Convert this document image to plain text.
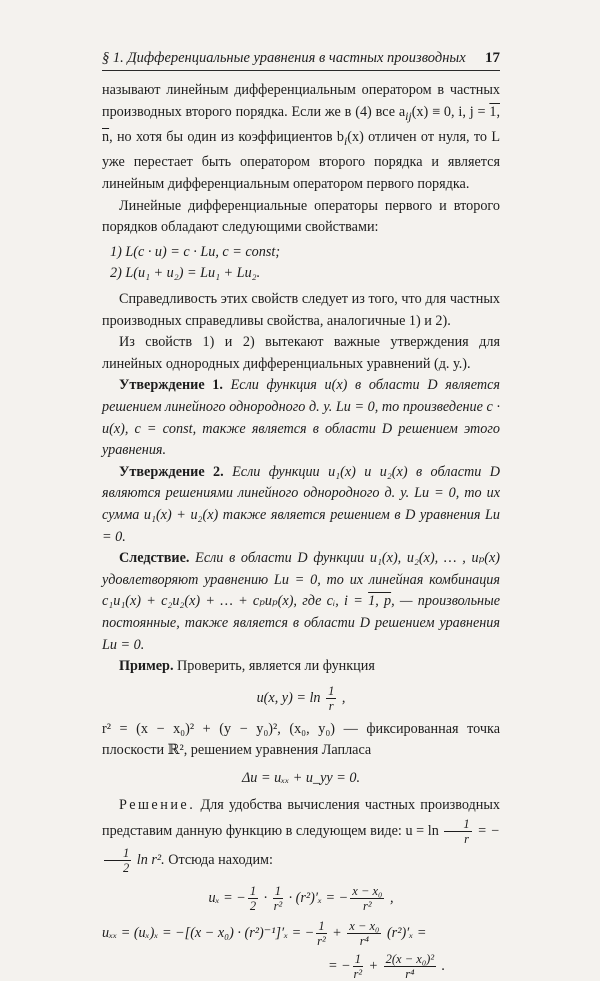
§ 1. Дифференциальные уравнения в частных производных 17

называют линейным дифференциальным оператором в частных производных второго порядка. Если же в (4) все $a_{ij}(x) \equiv 0$, i, j = 1, n, но хотя бы один из коэффициентов $b_i(x)$ отличен от нуля, то L уже перестает быть оператором второго порядка и является линейным дифференциальным оператором первого порядка.

Линейные дифференциальные операторы первого и второго порядков обладают следующими свойствами:

1) L(c · u) = c · Lu, c = const;
2) L(u₁ + u₂) = Lu₁ + Lu₂.

Справедливость этих свойств следует из того, что для частных производных справедливы свойства, аналогичные 1) и 2).

Из свойств 1) и 2) вытекают важные утверждения для линейных однородных дифференциальных уравнений (д. у.).

Утверждение 1. Если функция u(x) в области D является решением линейного однородного д. у. Lu = 0, то произведение c · u(x), c = const, также является в области D решением этого уравнения.

Утверждение 2. Если функции u₁(x) и u₂(x) в области D являются решениями линейного однородного д. у. Lu = 0, то их сумма u₁(x) + u₂(x) также является решением в D уравнения Lu = 0.

Следствие. Если в области D функции u₁(x), u₂(x), … , uₚ(x) удовлетворяют уравнению Lu = 0, то их линейная комбинация c₁u₁(x) + c₂u₂(x) + … + cₚuₚ(x), где cᵢ, i = 1, p, — произвольные постоянные, также является в области D решением уравнения Lu = 0.

Пример. Проверить, является ли функция

u(x, $y) = \ln \frac{1}{r}$ ,

r² = (x − x₀)² + (y − y₀)², (x₀, y₀) — фиксированная точка плоскости ℝ², решением уравнения Лапласа

Δu = uₓₓ + u_yy = 0.

Решение. Для удобства вычисления частных производных представим данную функцию в следующем виде: $u = \ln \frac{1}{r}$ = −
$\frac{1}{2}$ ln r². Отсюда находим:

uₓ = − $\frac{1}{2} \cdot \frac{1}{\text{r²}} \cdot (r^2)'_x$ = − $\frac{\text{x − x₀}}{\text{r²}}$ ,
uₓₓ = (uₓ)ₓ = −[(x − x₀) · (r²)⁻¹]′ₓ = − $\frac{1}{\text{r²}} + \frac{\text{x − x₀}}{\text{r⁴}} (r^2)'_x$ =
= − $\frac{1}{\text{r²}} + \frac{\text{2(x − x₀)²}}{\text{r⁴}}$ .
